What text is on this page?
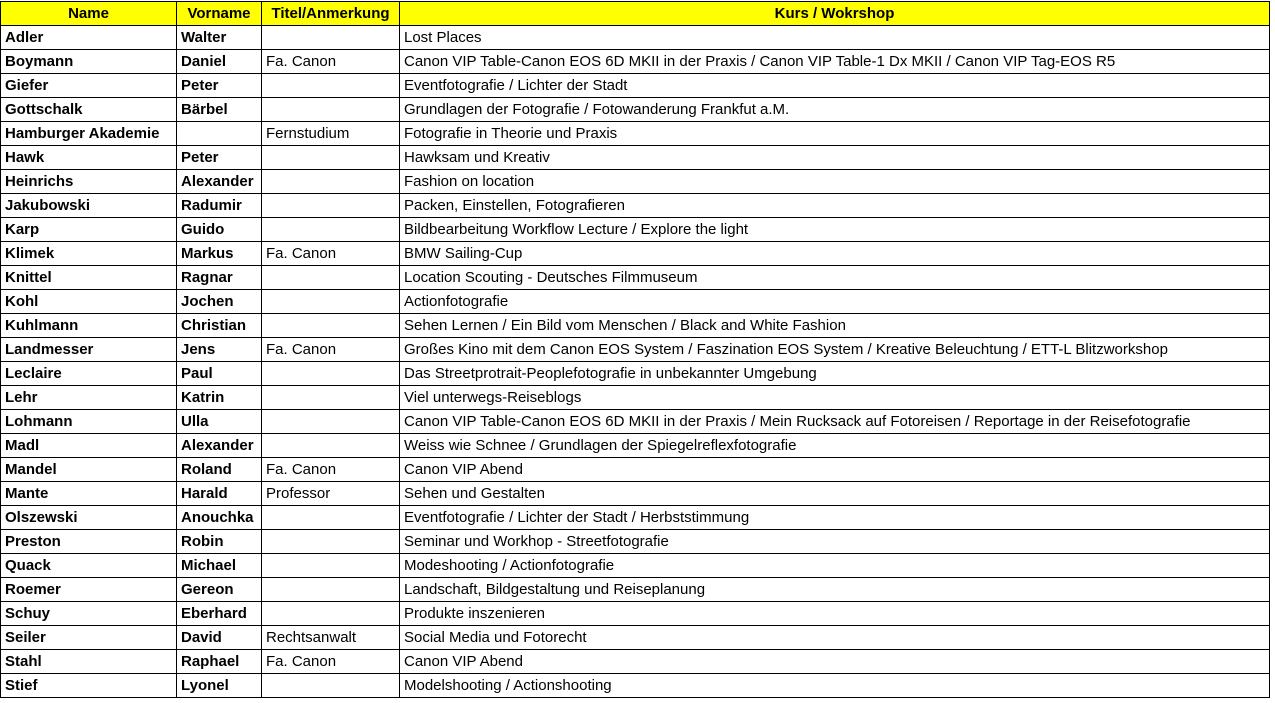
Name	Vorname	Titel/Anmerkung	Kurs / Wokrshop
Adler	Walter		Lost Places
Boymann	Daniel	Fa. Canon	Canon VIP Table-Canon EOS 6D MKII in der Praxis / Canon VIP Table-1 Dx MKII / Canon VIP Tag-EOS R5
Giefer	Peter		Eventfotografie / Lichter der Stadt
Gottschalk	Bärbel		Grundlagen der Fotografie / Fotowanderung Frankfut a.M.
Hamburger Akademie		Fernstudium	Fotografie in Theorie und Praxis
Hawk	Peter		Hawksam und Kreativ
Heinrichs	Alexander		Fashion on location
Jakubowski	Radumir		Packen, Einstellen, Fotografieren
Karp	Guido		Bildbearbeitung Workflow Lecture / Explore the light
Klimek	Markus	Fa. Canon	BMW Sailing-Cup
Knittel	Ragnar		Location Scouting - Deutsches Filmmuseum
Kohl	Jochen		Actionfotografie
Kuhlmann	Christian		Sehen Lernen / Ein Bild vom Menschen / Black and White Fashion
Landmesser	Jens	Fa. Canon	Großes Kino mit dem Canon EOS System / Faszination EOS System / Kreative Beleuchtung / ETT-L Blitzworkshop
Leclaire	Paul		Das Streetprotrait-Peoplefotografie in unbekannter Umgebung
Lehr	Katrin		Viel unterwegs-Reiseblogs
Lohmann	Ulla		Canon VIP Table-Canon EOS 6D MKII in der Praxis / Mein Rucksack auf Fotoreisen / Reportage in der Reisefotografie
Madl	Alexander		Weiss wie Schnee / Grundlagen der Spiegelreflexfotografie
Mandel	Roland	Fa. Canon	Canon VIP Abend
Mante	Harald	Professor	Sehen und Gestalten
Olszewski	Anouchka		Eventfotografie / Lichter der Stadt / Herbststimmung
Preston	Robin		Seminar und Workhop - Streetfotografie
Quack	Michael		Modeshooting / Actionfotografie
Roemer	Gereon		Landschaft, Bildgestaltung und Reiseplanung
Schuy	Eberhard		Produkte inszenieren
Seiler	David	Rechtsanwalt	Social Media und Fotorecht
Stahl	Raphael	Fa. Canon	Canon VIP Abend
Stief	Lyonel		Modelshooting / Actionshooting
